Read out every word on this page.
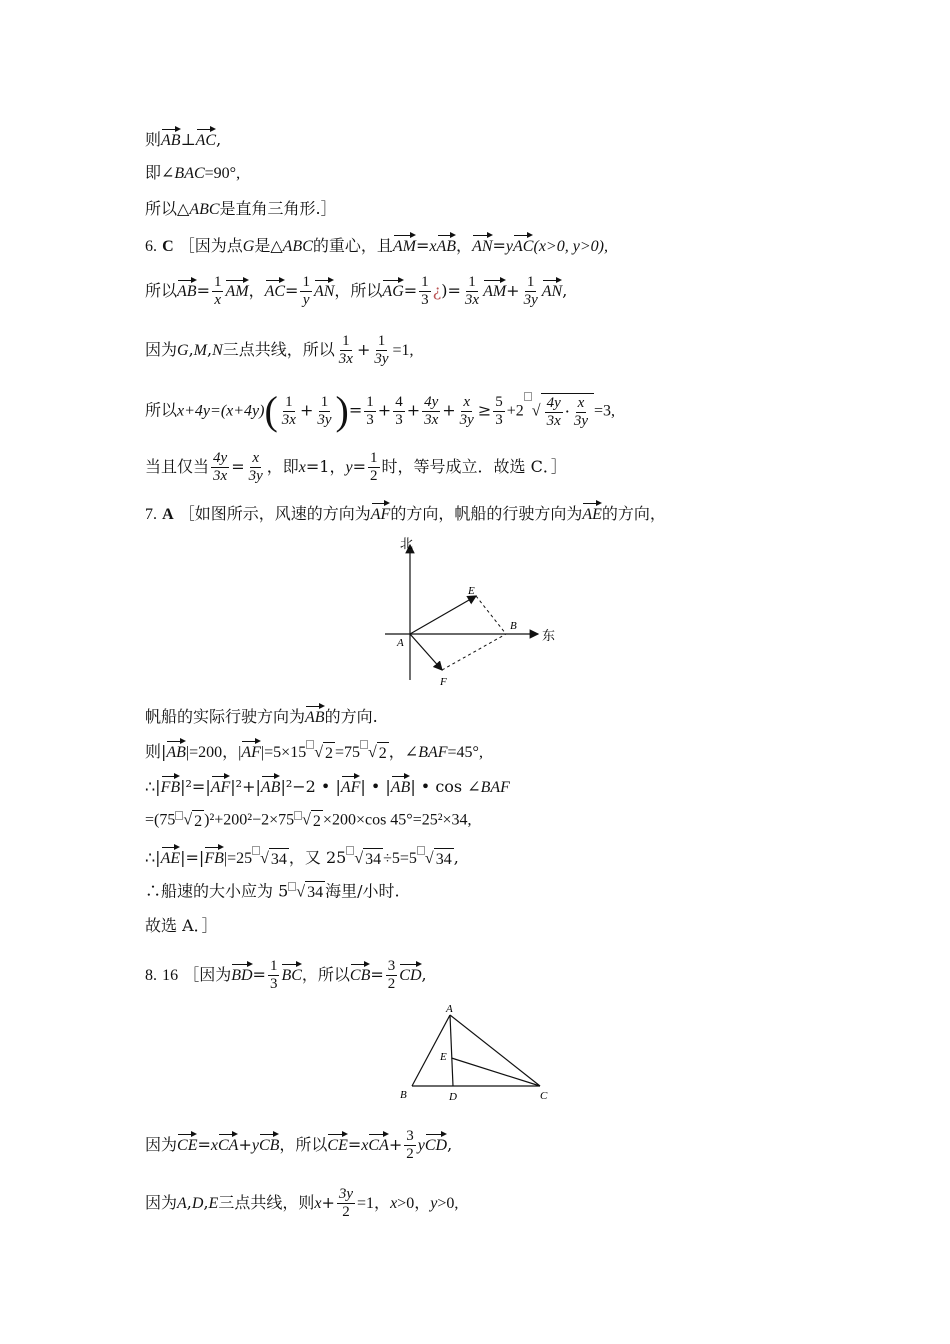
则AB⊥AC,
即∠BAC=90°,
所以△ABC是直角三角形.］
6. C ［因为点G是△ABC的重心，且AM=xAB，AN=yAC(x>0, y>0),
所以$AB= \frac{1}{x}$ AM，$AC= \frac{1}{y}$ AN，所以$AG= \frac{1}{3}$ ¿)= $\frac{1}{3x} AM+ \frac{1}{3y}$ AN,
因为G,M,N三点共线，所以 $\frac{1}{3x} + \frac{1}{3y} =1$,
所以$x+4y=(x+4y)( \frac{1}{3x} + \frac{1}{3y}$ )= $\frac{1}{3} + \frac{4}{3} + \frac{4y}{3x} + \frac{x}{3y} \ge \frac{5}{3} +2$ √ $\frac{4y}{3x} \cdot \frac{x}{3y} =3$,
当且仅当 $\frac{4y}{3x} = \frac{x}{3y}$ ，即x=1，$y= \frac{1}{2}$ 时，等号成立．故选 C．］
7. A ［如图所示，风速的方向为AF的方向，帆船的行驶方向为AE的方向，
北
东
A
B
E
F
帆船的实际行驶方向为AB的方向.
则|AB|=200，|AF|=5×15 √ 2 =75 √ 2 ，∠BAF=45°,
∴|FB|²=|AF|²+|AB|²−2 • |AF| • |AB| • cos ∠BAF
=(75 √ 2 )²+200²−2×75 √ 2 ×200×cos 45°=25²×34,
∴|AE|=|FB|=25 √ 34 ，又 25 √ 34 ÷5=5 √ 34 ,
∴船速的大小应为 5 √ 34 海里/小时.
故选 A．］
8. 16 ［因为$BD= \frac{1}{3}$ BC，所以$CB= \frac{3}{2}$ CD,
A
B	C
D
E
因为CE=xCA+yCB，所以$CE=xCA+ \frac{3}{2}$ yCD,
因为A,D,E三点共线，则$x+ \frac{3y}{2} =1$，x>0，y>0,
